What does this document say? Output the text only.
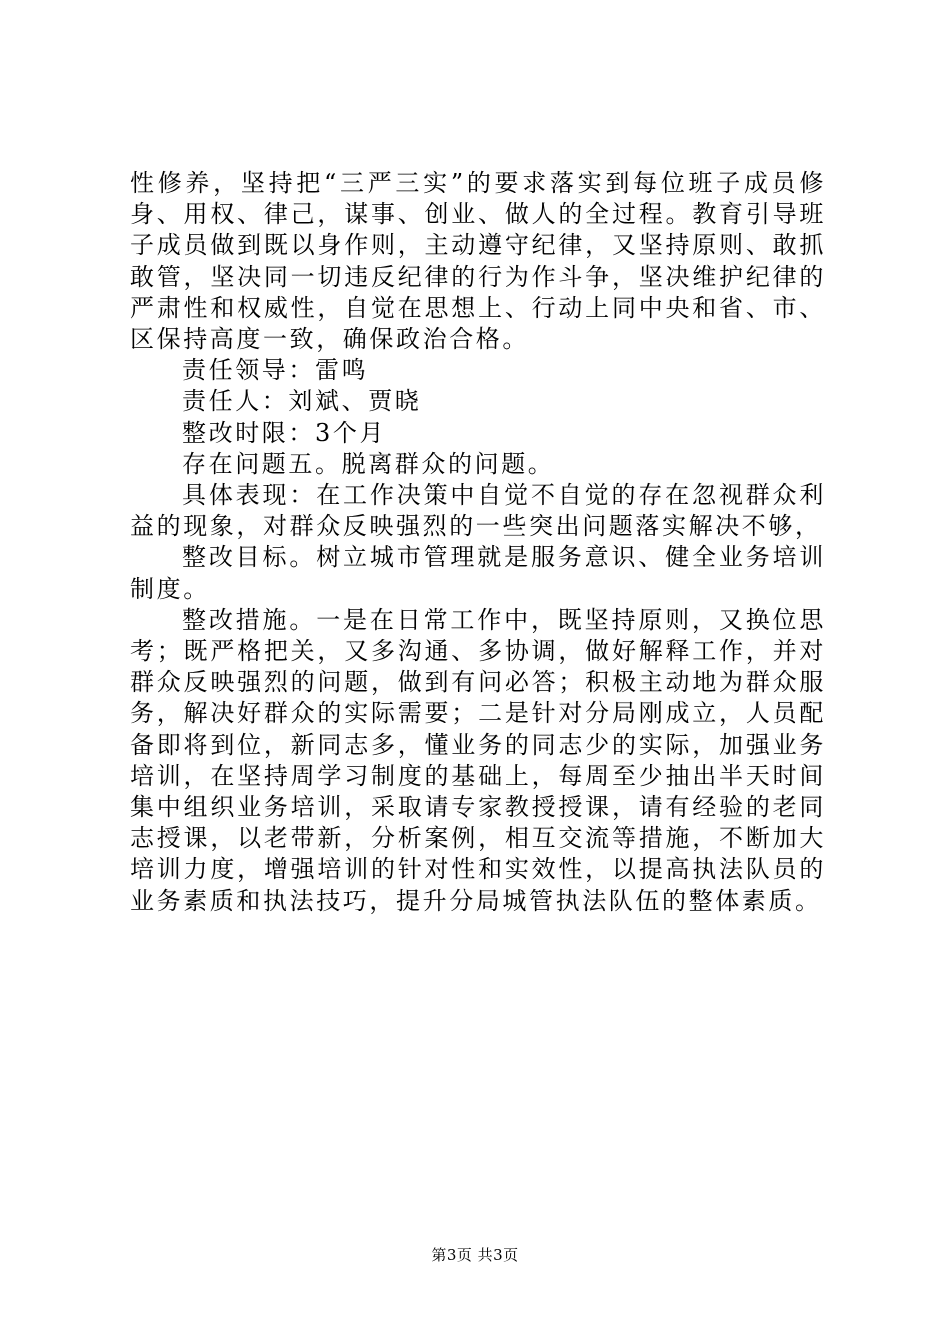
性修养，坚持把“三严三实”的要求落实到每位班子成员修身、用权、律己，谋事、创业、做人的全过程。教育引导班子成员做到既以身作则，主动遵守纪律，又坚持原则、敢抓敢管，坚决同一切违反纪律的行为作斗争，坚决维护纪律的严肃性和权威性，自觉在思想上、行动上同中央和省、市、区保持高度一致，确保政治合格。

责任领导：雷鸣

责任人：刘斌、贾晓

整改时限：3个月

存在问题五。脱离群众的问题。

具体表现：在工作决策中自觉不自觉的存在忽视群众利益的现象，对群众反映强烈的一些突出问题落实解决不够，

整改目标。树立城市管理就是服务意识、健全业务培训制度。

整改措施。一是在日常工作中，既坚持原则，又换位思考；既严格把关，又多沟通、多协调，做好解释工作，并对群众反映强烈的问题，做到有问必答；积极主动地为群众服务，解决好群众的实际需要；二是针对分局刚成立，人员配备即将到位，新同志多，懂业务的同志少的实际，加强业务培训，在坚持周学习制度的基础上，每周至少抽出半天时间集中组织业务培训，采取请专家教授授课，请有经验的老同志授课，以老带新，分析案例，相互交流等措施，不断加大培训力度，增强培训的针对性和实效性，以提高执法队员的业务素质和执法技巧，提升分局城管执法队伍的整体素质。

第3页 共3页
